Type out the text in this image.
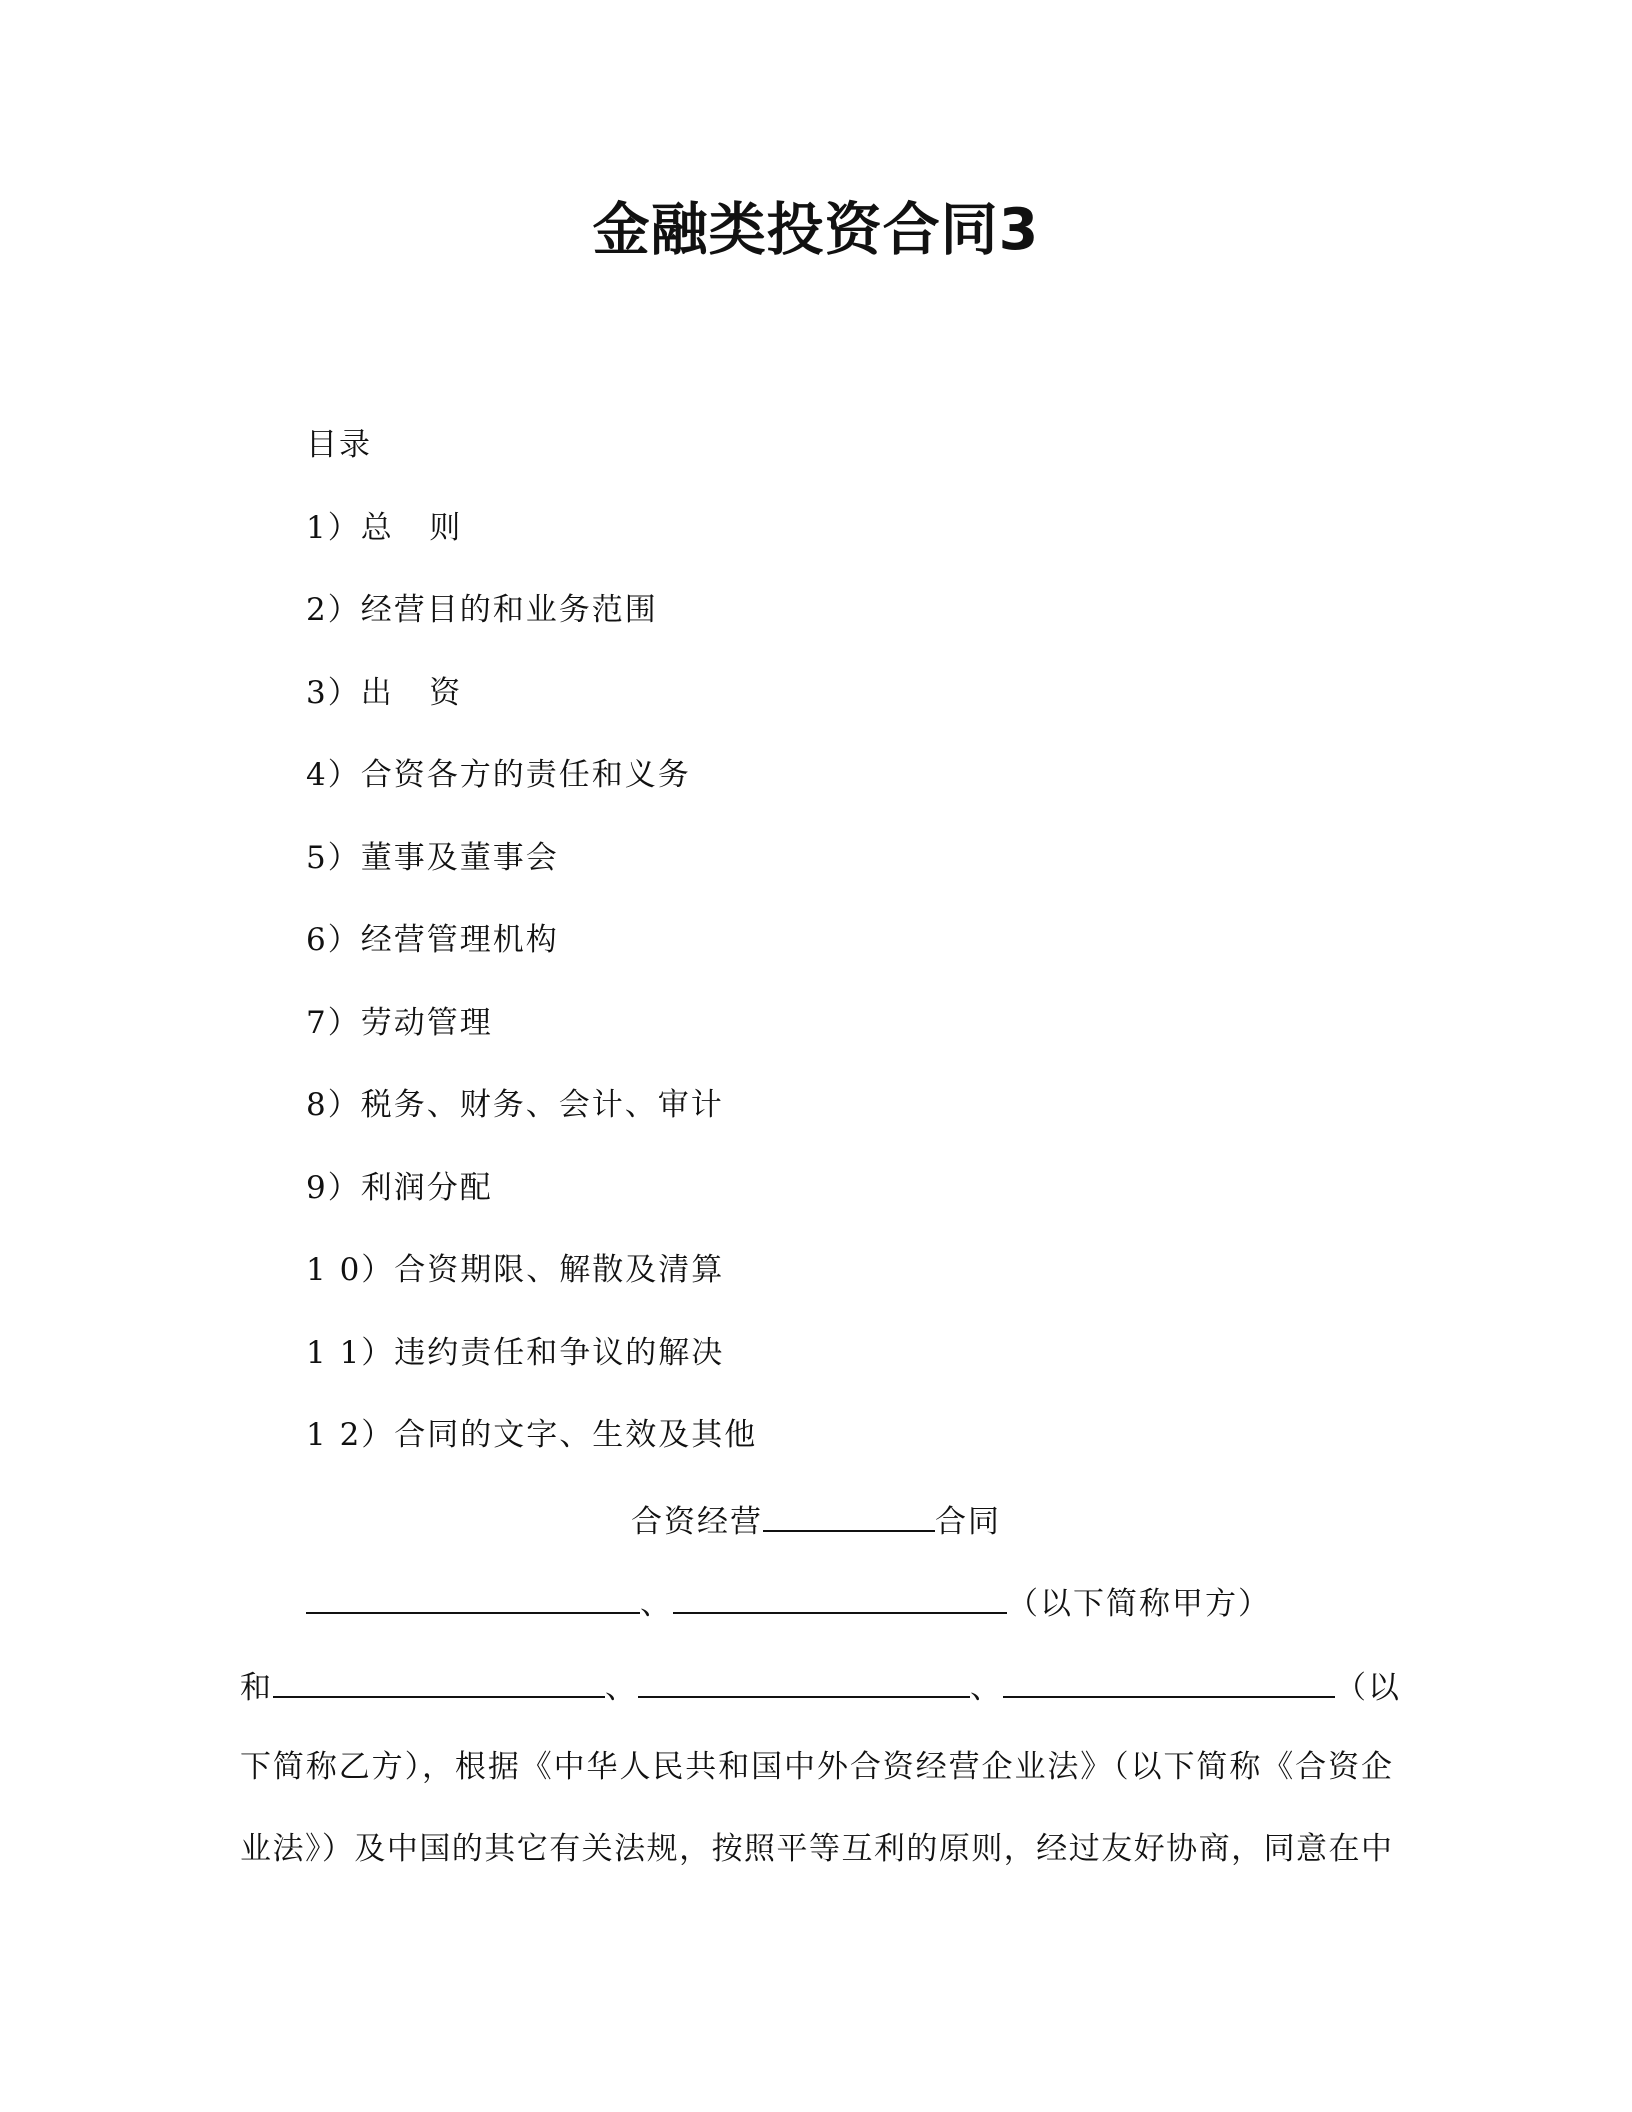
金融类投资合同3
目录
1）总   则
2）经营目的和业务范围
3）出   资
4）合资各方的责任和义务
5）董事及董事会
6）经营管理机构
7）劳动管理
8）税务、财务、会计、审计
9）利润分配
1 0）合资期限、解散及清算
1 1）违约责任和争议的解决
1 2）合同的文字、生效及其他
合资经营	合同
、	（以下简称甲方）
和	、	、	（以
下简称乙方），根据《中华人民共和国中外合资经营企业法》（以下简称《合资企
业法》）及中国的其它有关法规，按照平等互利的原则，经过友好协商，同意在中
